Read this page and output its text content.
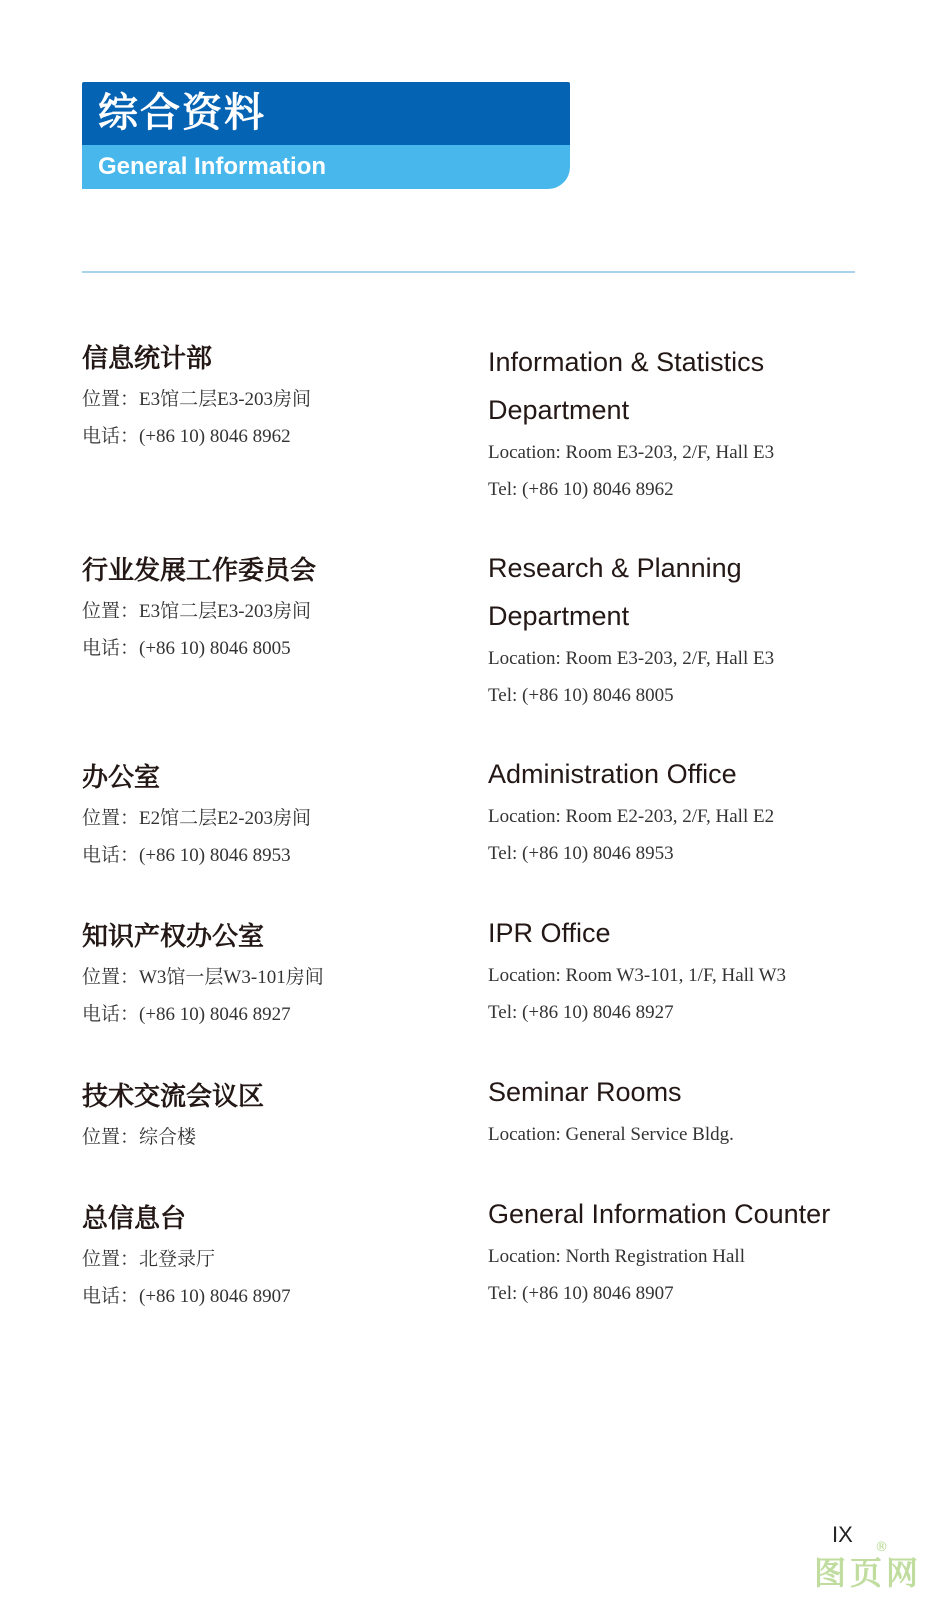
综合资料
General Information
信息统计部
位置：E3馆二层E3-203房间
电话：(+86 10) 8046 8962
Information & Statistics
Department
Location: Room E3-203, 2/F, Hall E3
Tel: (+86 10) 8046 8962
行业发展工作委员会
位置：E3馆二层E3-203房间
电话：(+86 10) 8046 8005
Research & Planning
Department
Location: Room E3-203, 2/F, Hall E3
Tel: (+86 10) 8046 8005
办公室
位置：E2馆二层E2-203房间
电话：(+86 10) 8046 8953
Administration Office
Location: Room E2-203, 2/F, Hall E2
Tel: (+86 10) 8046 8953
知识产权办公室
位置：W3馆一层W3-101房间
电话：(+86 10) 8046 8927
IPR Office
Location: Room W3-101, 1/F, Hall W3
Tel: (+86 10) 8046 8927
技术交流会议区
位置：综合楼
Seminar Rooms
Location: General Service Bldg.
总信息台
位置：北登录厅
电话：(+86 10) 8046 8907
General Information Counter
Location: North Registration Hall
Tel: (+86 10) 8046 8907
IX
图页网
®
